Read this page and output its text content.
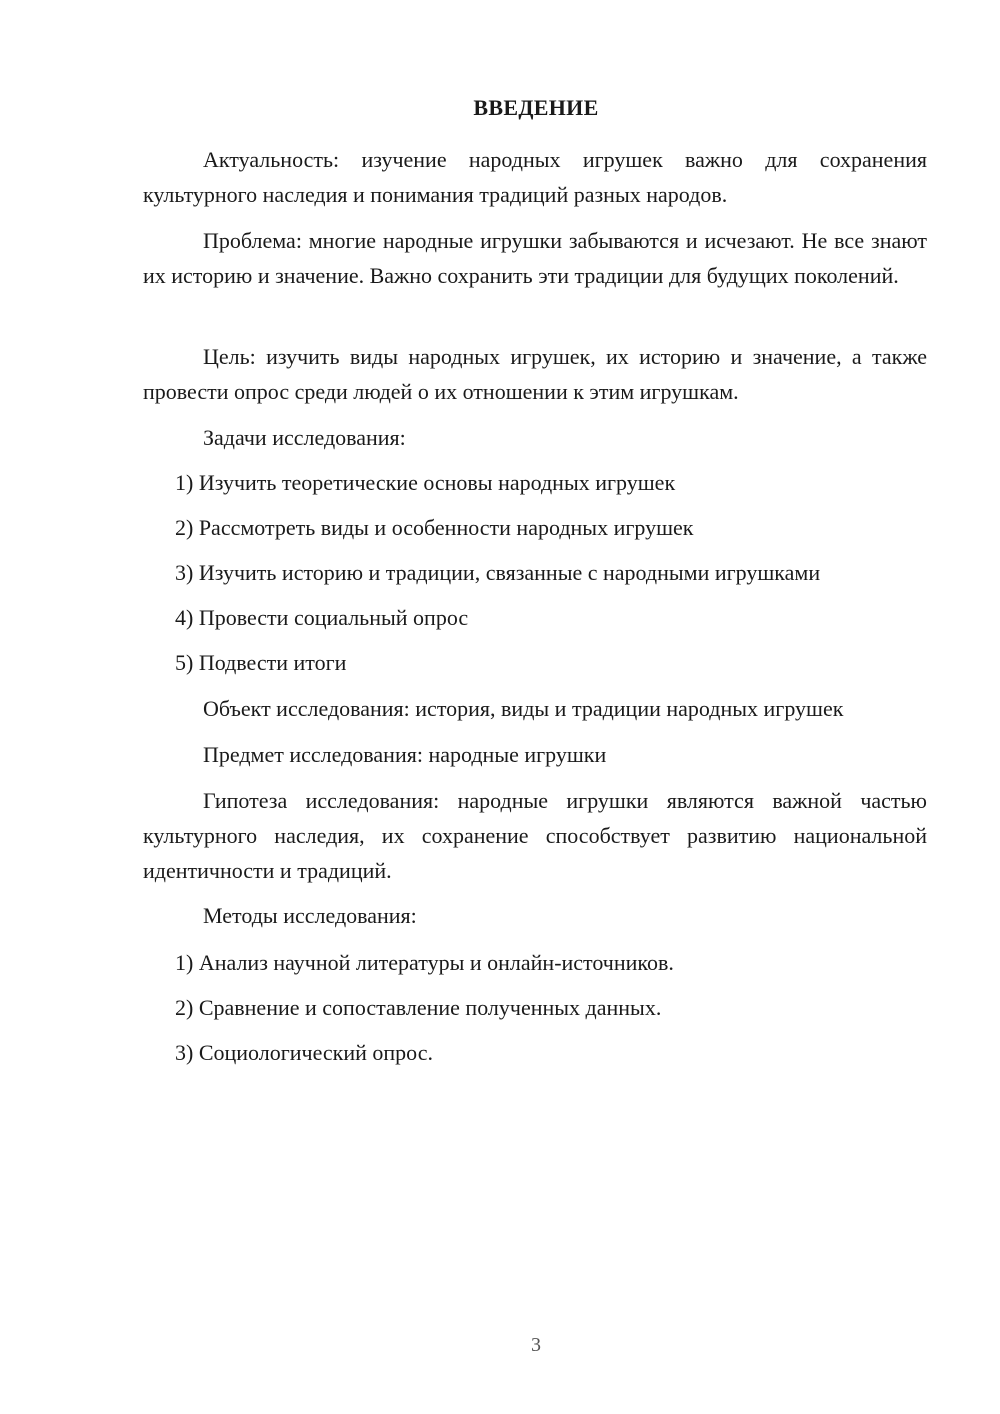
ВВЕДЕНИЕ

Актуальность: изучение народных игрушек важно для сохранения культурного наследия и понимания традиций разных народов.

Проблема: многие народные игрушки забываются и исчезают. Не все знают их историю и значение. Важно сохранить эти традиции для будущих поколений.

Цель: изучить виды народных игрушек, их историю и значение, а также провести опрос среди людей о их отношении к этим игрушкам.

Задачи исследования:

1) Изучить теоретические основы народных игрушек

2) Рассмотреть виды и особенности народных игрушек

3) Изучить историю и традиции, связанные с народными игрушками

4) Провести социальный опрос

5) Подвести итоги

Объект исследования: история, виды и традиции народных игрушек

Предмет исследования: народные игрушки

Гипотеза исследования: народные игрушки являются важной частью культурного наследия, их сохранение способствует развитию национальной идентичности и традиций.

Методы исследования:

1) Анализ научной литературы и онлайн-источников.

2) Сравнение и сопоставление полученных данных.

3) Социологический опрос.

3
